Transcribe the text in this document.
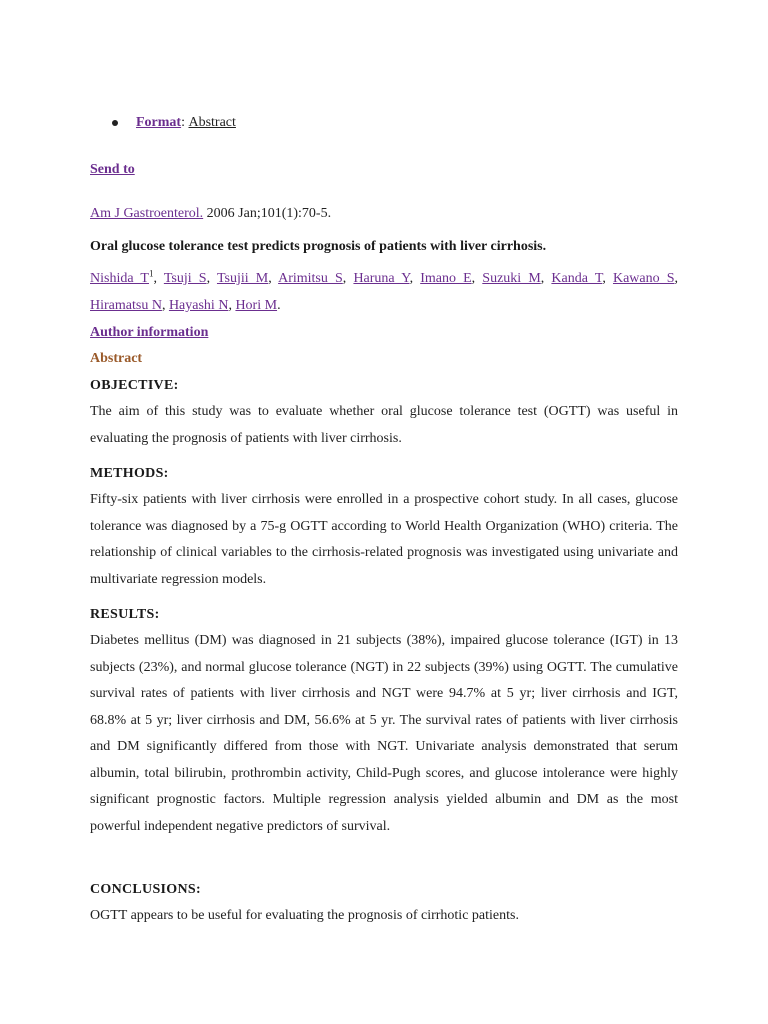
Format :
Abstract
Send to
Am J Gastroenterol. 2006 Jan;101(1):70-5.
Oral glucose tolerance test predicts prognosis of patients with liver cirrhosis.
Nishida $T^1$, Tsuji S, Tsujii M, Arimitsu S, Haruna Y, Imano E, Suzuki M, Kanda T, Kawano S, Hiramatsu N, Hayashi N, Hori M.
Author information
Abstract
OBJECTIVE:

The aim of this study was to evaluate whether oral glucose tolerance test (OGTT) was useful in evaluating the prognosis of patients with liver cirrhosis.

METHODS:

Fifty-six patients with liver cirrhosis were enrolled in a prospective cohort study. In all cases, glucose tolerance was diagnosed by a 75-g OGTT according to World Health Organization (WHO) criteria. The relationship of clinical variables to the cirrhosis-related prognosis was investigated using univariate and multivariate regression models.

RESULTS:

Diabetes mellitus (DM) was diagnosed in 21 subjects (38%), impaired glucose tolerance (IGT) in 13 subjects (23%), and normal glucose tolerance (NGT) in 22 subjects (39%) using OGTT. The cumulative survival rates of patients with liver cirrhosis and NGT were 94.7% at 5 yr; liver cirrhosis and IGT, 68.8% at 5 yr; liver cirrhosis and DM, 56.6% at 5 yr. The survival rates of patients with liver cirrhosis and DM significantly differed from those with NGT. Univariate analysis demonstrated that serum albumin, total bilirubin, prothrombin activity, Child-Pugh scores, and glucose intolerance were highly significant prognostic factors. Multiple regression analysis yielded albumin and DM as the most powerful independent negative predictors of survival.

CONCLUSIONS:

OGTT appears to be useful for evaluating the prognosis of cirrhotic patients.
